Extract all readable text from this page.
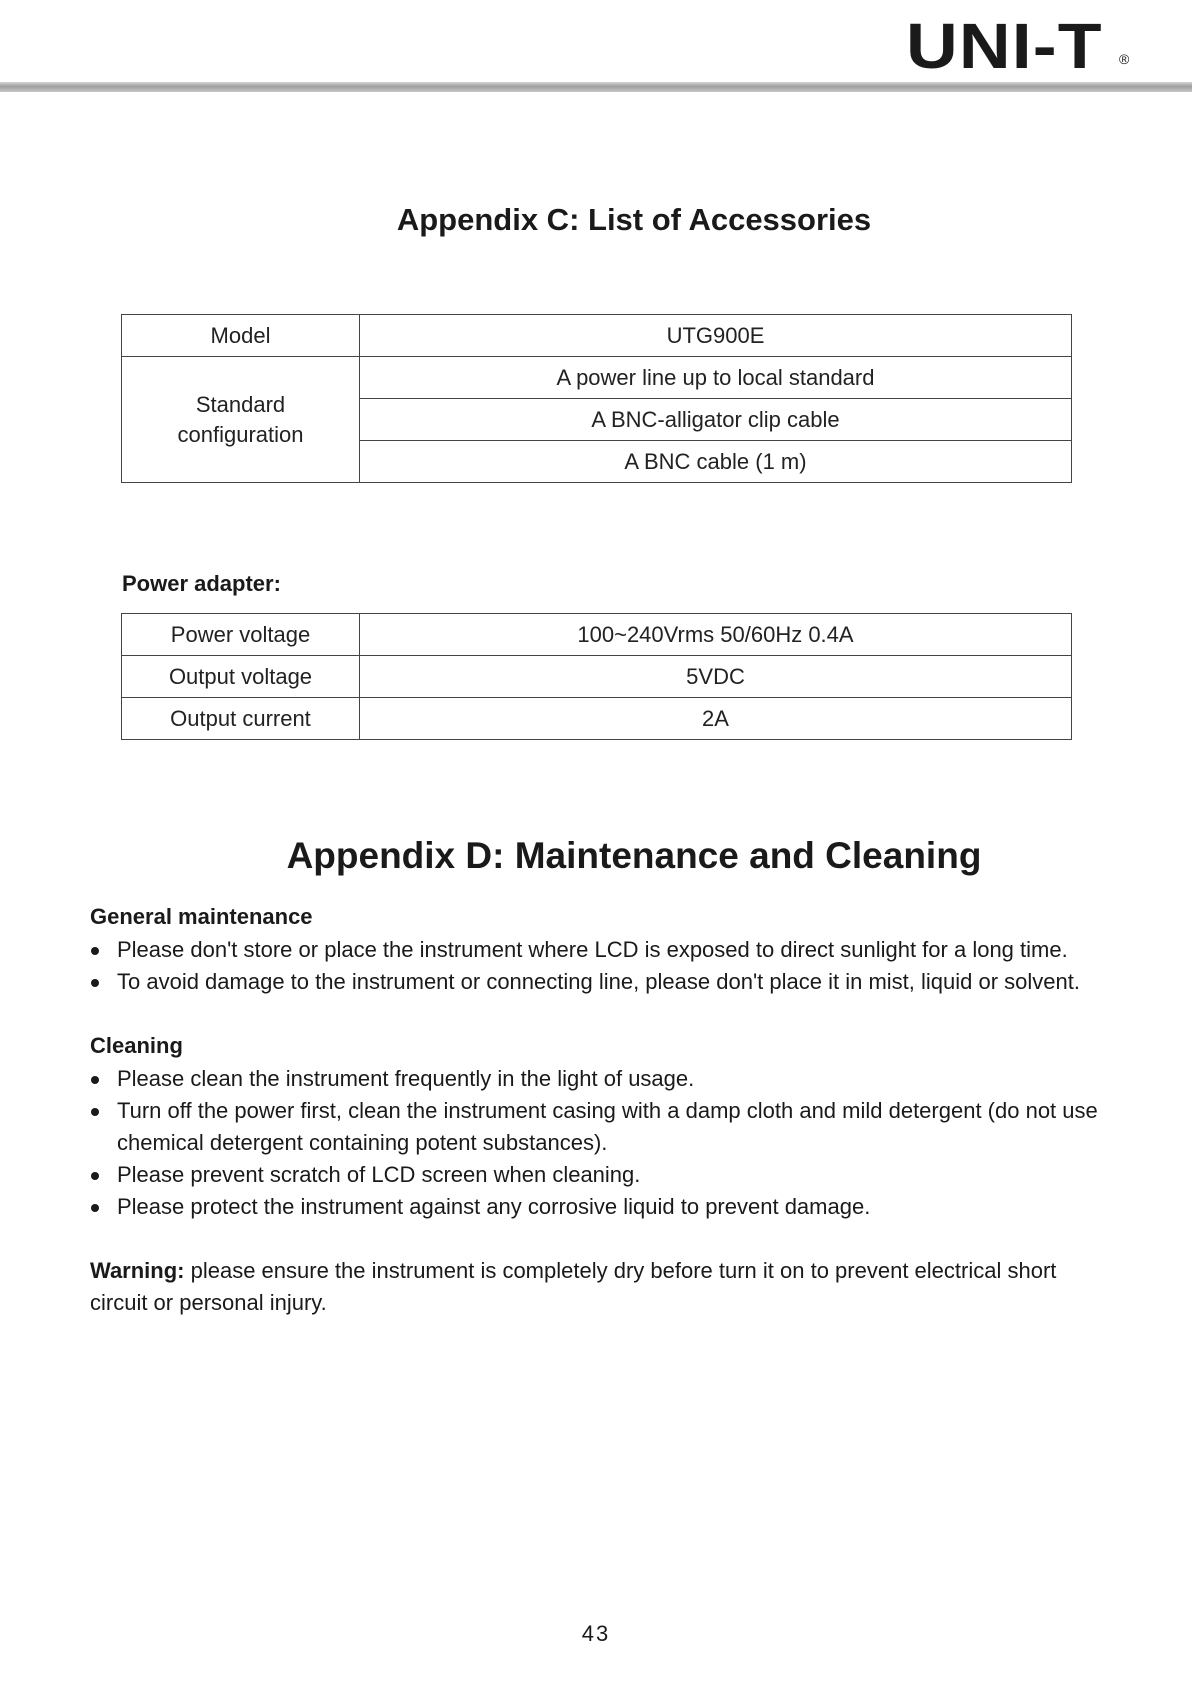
UNI-T ®
Appendix C: List of Accessories
Model	UTG900E
Standard
configuration	A power line up to local standard
	A BNC-alligator clip cable
	A BNC cable (1 m)

Power adapter:

Power voltage	100~240Vrms 50/60Hz 0.4A
Output voltage	5VDC
Output current	2A
Appendix D: Maintenance and Cleaning

General maintenance

Please don't store or place the instrument where LCD is exposed to direct sunlight for a long time.
To avoid damage to the instrument or connecting line, please don't place it in mist, liquid or solvent.

Cleaning

Please clean the instrument frequently in the light of usage.
Turn off the power first, clean the instrument casing with a damp cloth and mild detergent (do not use chemical detergent containing potent substances).
Please prevent scratch of LCD screen when cleaning.
Please protect the instrument against any corrosive liquid to prevent damage.

Warning: please ensure the instrument is completely dry before turn it on to prevent electrical short circuit or personal injury.

43
